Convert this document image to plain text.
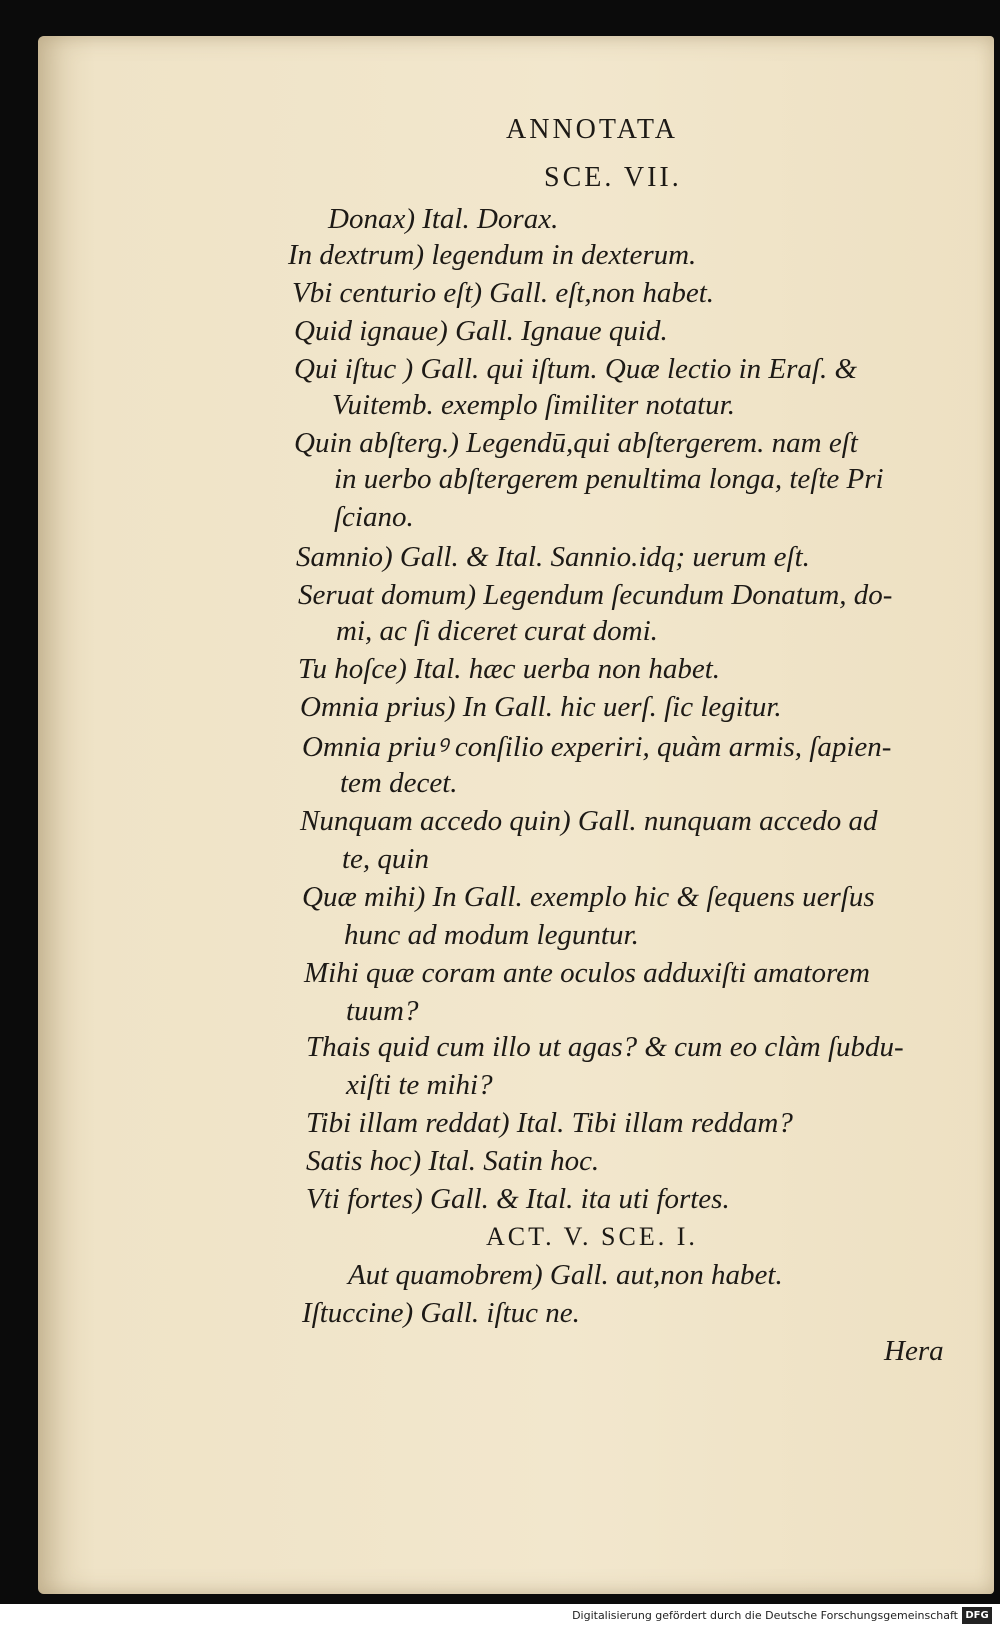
ANNOTATA
SCE. VII.
Donax) Ital. Dorax.
In dextrum) legendum in dexterum.
Vbi centurio eſt) Gall. eſt,non habet.
Quid ignaue) Gall. Ignaue quid.
Qui iſtuc ) Gall. qui iſtum. Quæ lectio in Eraſ. &
Vuitemb. exemplo ſimiliter notatur.
Quin abſterg.) Legendū,qui abſtergerem. nam eſt
in uerbo abſtergerem penultima longa, teſte Pri
ſciano.
Samnio) Gall. & Ital. Sannio.idq; uerum eſt.
Seruat domum) Legendum ſecundum Donatum, do-
mi, ac ſi diceret curat domi.
Tu hoſce) Ital. hæc uerba non habet.
Omnia prius) In Gall. hic uerſ. ſic legitur.
Omnia priuꝰ conſilio experiri, quàm armis, ſapien-
tem decet.
Nunquam accedo quin) Gall. nunquam accedo ad
te, quin
Quæ mihi) In Gall. exemplo hic & ſequens uerſus
hunc ad modum leguntur.
Mihi quæ coram ante oculos adduxiſti amatorem
tuum?
Thais quid cum illo ut agas? & cum eo clàm ſubdu-
xiſti te mihi?
Tibi illam reddat) Ital. Tibi illam reddam?
Satis hoc) Ital. Satin hoc.
Vti fortes) Gall. & Ital. ita uti fortes.
ACT. V. SCE. I.
Aut quamobrem) Gall. aut,non habet.
Iſtuccine) Gall. iſtuc ne.
Hera
Digitalisierung gefördert durch die Deutsche Forschungsgemeinschaft DFG
